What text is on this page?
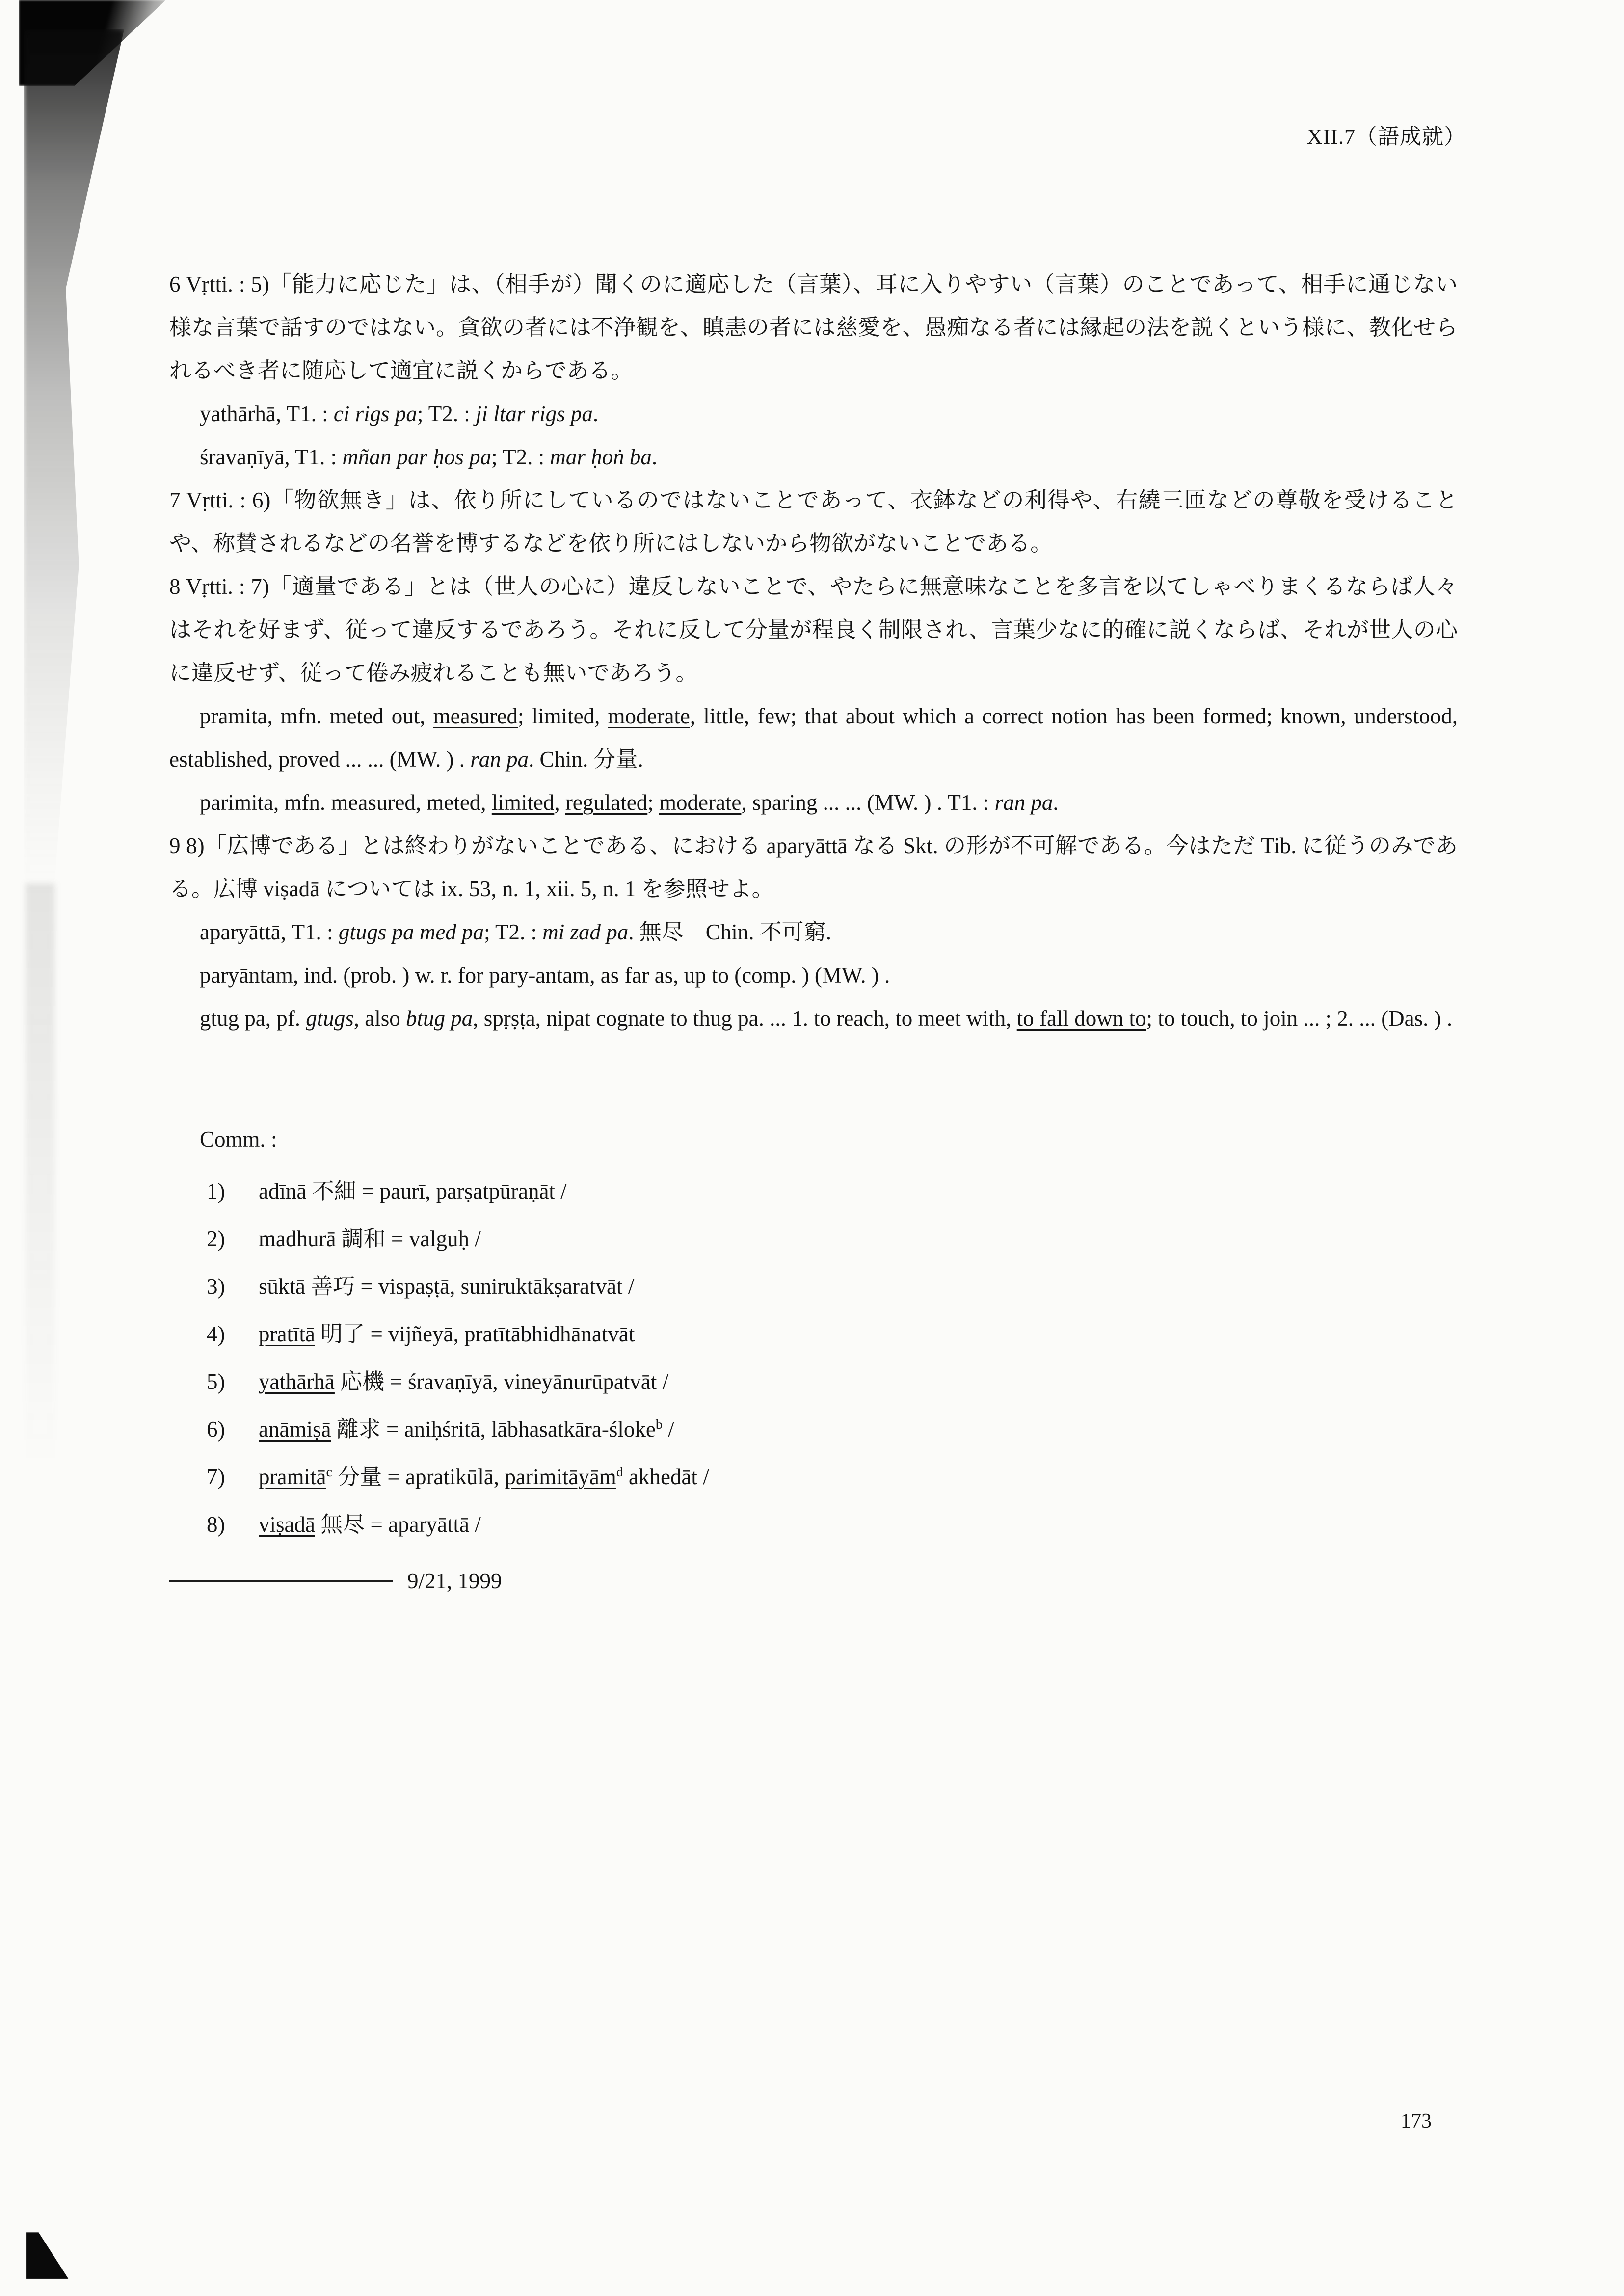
XII.7（語成就）
6 Vṛtti. : 5)「能力に応じた」は、（相手が）聞くのに適応した（言葉）、耳に入りやすい（言葉）のことであって、相手に通じない様な言葉で話すのではない。貪欲の者には不浄観を、瞋恚の者には慈愛を、愚痴なる者には縁起の法を説くという様に、教化せられるべき者に随応して適宜に説くからである。
yathārhā, T1. : ci rigs pa; T2. : ji ltar rigs pa.
śravaṇīyā, T1. : mñan par ḥos pa; T2. : mar ḥoṅ ba.
7 Vṛtti. : 6)「物欲無き」は、依り所にしているのではないことであって、衣鉢などの利得や、右繞三匝などの尊敬を受けることや、称賛されるなどの名誉を博するなどを依り所にはしないから物欲がないことである。
8 Vṛtti. : 7)「適量である」とは（世人の心に）違反しないことで、やたらに無意味なことを多言を以てしゃべりまくるならば人々はそれを好まず、従って違反するであろう。それに反して分量が程良く制限され、言葉少なに的確に説くならば、それが世人の心に違反せず、従って倦み疲れることも無いであろう。
pramita, mfn. meted out, measured; limited, moderate, little, few; that about which a correct notion has been formed; known, understood, established, proved ... ... (MW. ) . ran pa. Chin. 分量.
parimita, mfn. measured, meted, limited, regulated; moderate, sparing ... ... (MW. ) . T1. : ran pa.
9 8)「広博である」とは終わりがないことである、における aparyāttā なる Skt. の形が不可解である。今はただ Tib. に従うのみである。広博 viṣadā については ix. 53, n. 1, xii. 5, n. 1 を参照せよ。
aparyāttā, T1. : gtugs pa med pa; T2. : mi zad pa. 無尽　Chin. 不可窮.
paryāntam, ind. (prob. ) w. r. for pary-antam, as far as, up to (comp. ) (MW. ) .
gtug pa, pf. gtugs, also btug pa, spṛṣṭa, nipat cognate to thug pa. ... 1. to reach, to meet with, to fall down to; to touch, to join ... ; 2. ... (Das. ) .
Comm. :
1)	adīnā 不細 = paurī, parṣatpūraṇāt /
2)	madhurā 調和 = valguḥ /
3)	sūktā 善巧 = vispaṣṭā, suniruktākṣaratvāt /
4)	pratītā 明了 = vijñeyā, pratītābhidhānatvāt
5)	yathārhā 応機 = śravaṇīyā, vineyānurūpatvāt /
6)	anāmiṣā 離求 = aniḥśritā, lābhasatkāra-śloke$^b$ /
7)	pramitā$^c$ 分量 = apratikūlā, parimitāyām$^d$ akhedāt /
8)	viṣadā 無尽 = aparyāttā /
9/21, 1999
173
